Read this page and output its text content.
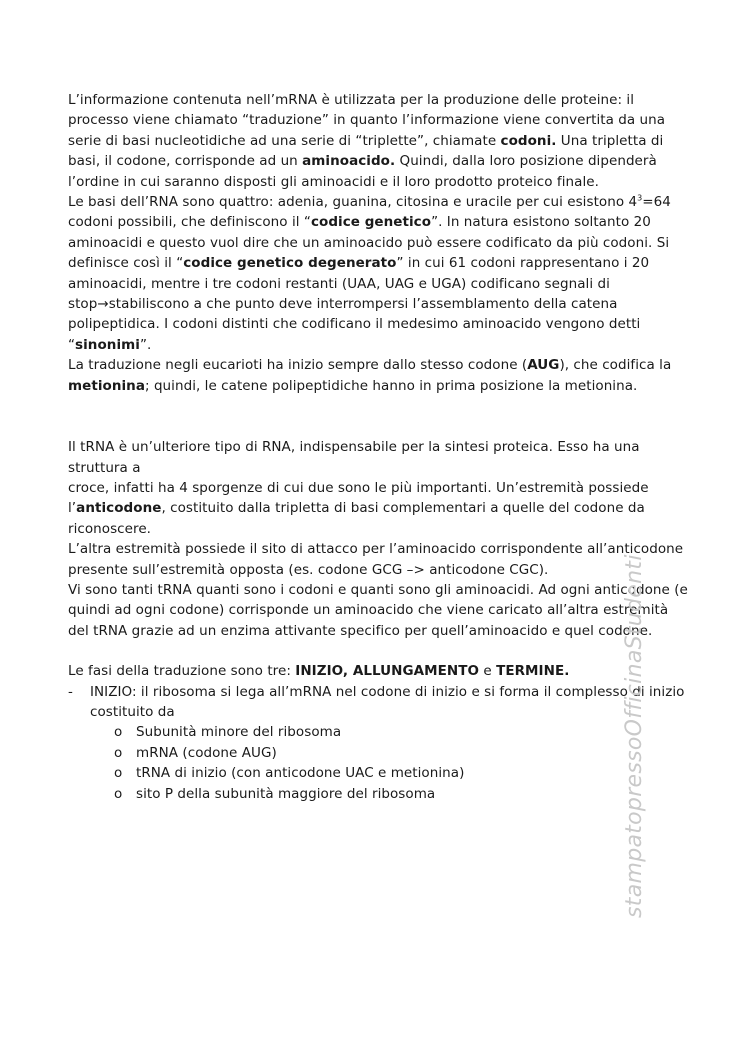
L’informazione contenuta nell’mRNA è utilizzata per la produzione delle proteine: il processo viene chiamato “traduzione” in quanto l’informazione viene convertita da una serie di basi nucleotidiche ad una serie di “triplette”, chiamate codoni. Una tripletta di basi, il codone, corrisponde ad un aminoacido. Quindi, dalla loro posizione dipenderà l’ordine in cui saranno disposti gli aminoacidi e il loro prodotto proteico finale.

Le basi dell’RNA sono quattro: adenia, guanina, citosina e uracile per cui esistono $4^3=64$ codoni possibili, che definiscono il “codice genetico”. In natura esistono soltanto 20 aminoacidi e questo vuol dire che un aminoacido può essere codificato da più codoni. Si definisce così il “codice genetico degenerato” in cui 61 codoni rappresentano i 20 aminoacidi, mentre i tre codoni restanti (UAA, UAG e UGA) codificano segnali di stop→stabiliscono a che punto deve interrompersi l’assemblamento della catena polipeptidica. I codoni distinti che codificano il medesimo aminoacido vengono detti “sinonimi”.

La traduzione negli eucarioti ha inizio sempre dallo stesso codone (AUG), che codifica la metionina; quindi, le catene polipeptidiche hanno in prima posizione la metionina.

Il tRNA è un’ulteriore tipo di RNA, indispensabile per la sintesi proteica. Esso ha una struttura a
croce, infatti ha 4 sporgenze di cui due sono le più importanti. Un’estremità possiede l’anticodone, costituito dalla tripletta di basi complementari a quelle del codone da riconoscere.

L’altra estremità possiede il sito di attacco per l’aminoacido corrispondente all’anticodone presente sull’estremità opposta (es. codone GCG –> anticodone CGC).

Vi sono tanti tRNA quanti sono i codoni e quanti sono gli aminoacidi. Ad ogni anticodone (e quindi ad ogni codone) corrisponde un aminoacido che viene caricato all’altra estremità del tRNA grazie ad un enzima attivante specifico per quell’aminoacido e quel codone.

Le fasi della traduzione sono tre: INIZIO, ALLUNGAMENTO e TERMINE.

- INIZIO: il ribosoma si lega all’mRNA nel codone di inizio e si forma il complesso di inizio costituito da
o Subunità minore del ribosoma
o mRNA (codone AUG)
o tRNA di inizio (con anticodone UAC e metionina)
o sito P della subunità maggiore del ribosoma	stampatopressoOfficinaStudenti
